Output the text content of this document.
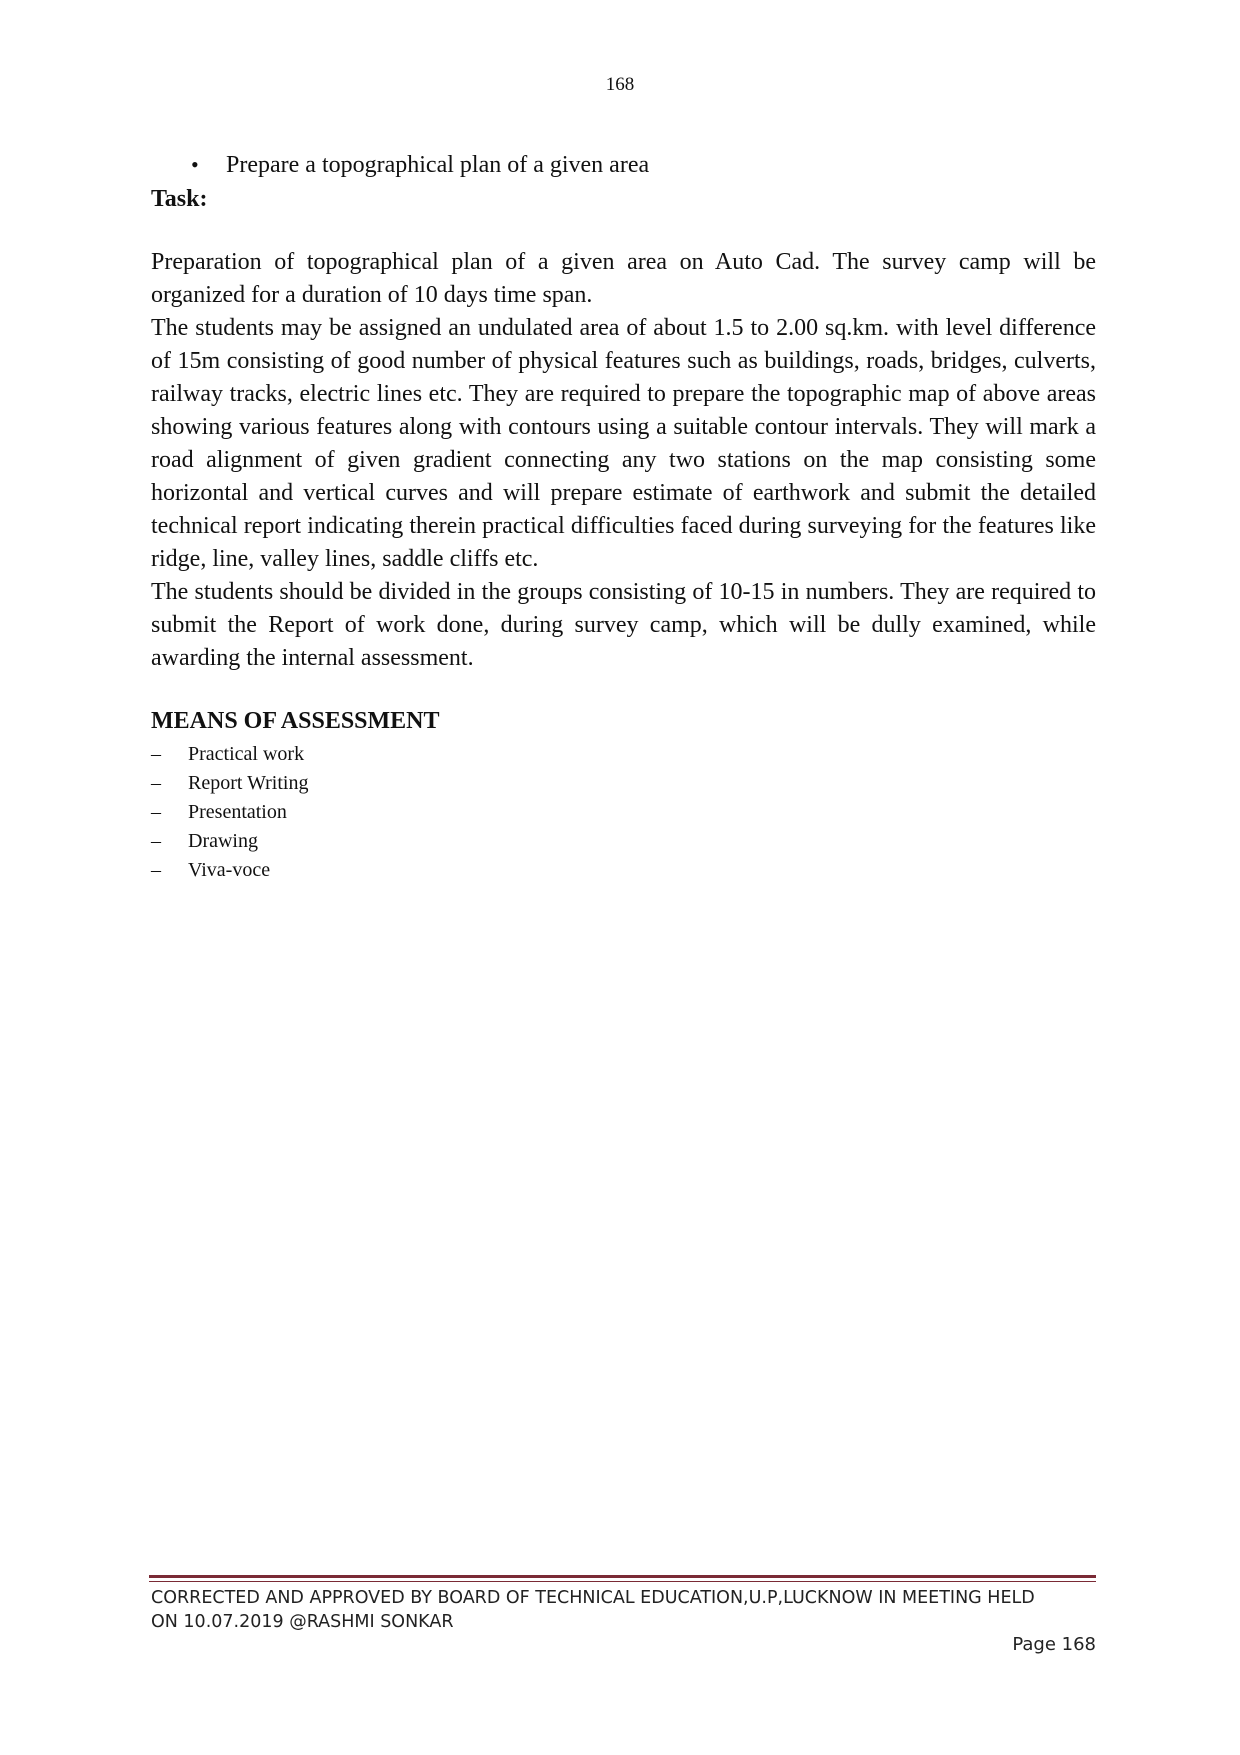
168
• Prepare a topographical plan of a given area
Task:

Preparation of topographical plan of a given area on Auto Cad. The survey camp will be organized for a duration of 10 days time span.

The students may be assigned an undulated area of about 1.5 to 2.00 sq.km. with level difference of 15m consisting of good number of physical features such as buildings, roads, bridges, culverts, railway tracks, electric lines etc. They are required to prepare the topographic map of above areas showing various features along with contours using a suitable contour intervals. They will mark a road alignment of given gradient connecting any two stations on the map consisting some horizontal and vertical curves and will prepare estimate of earthwork and submit the detailed technical report indicating therein practical difficulties faced during surveying for the features like ridge, line, valley lines, saddle cliffs etc.

The students should be divided in the groups consisting of 10-15 in numbers. They are required to submit the Report of work done, during survey camp, which will be dully examined, while awarding the internal assessment.

MEANS OF ASSESSMENT
– Practical work
– Report Writing
– Presentation
– Drawing
– Viva-voce
CORRECTED AND APPROVED BY BOARD OF TECHNICAL EDUCATION,U.P,LUCKNOW IN MEETING HELD
ON 10.07.2019 @RASHMI SONKAR
Page 168
